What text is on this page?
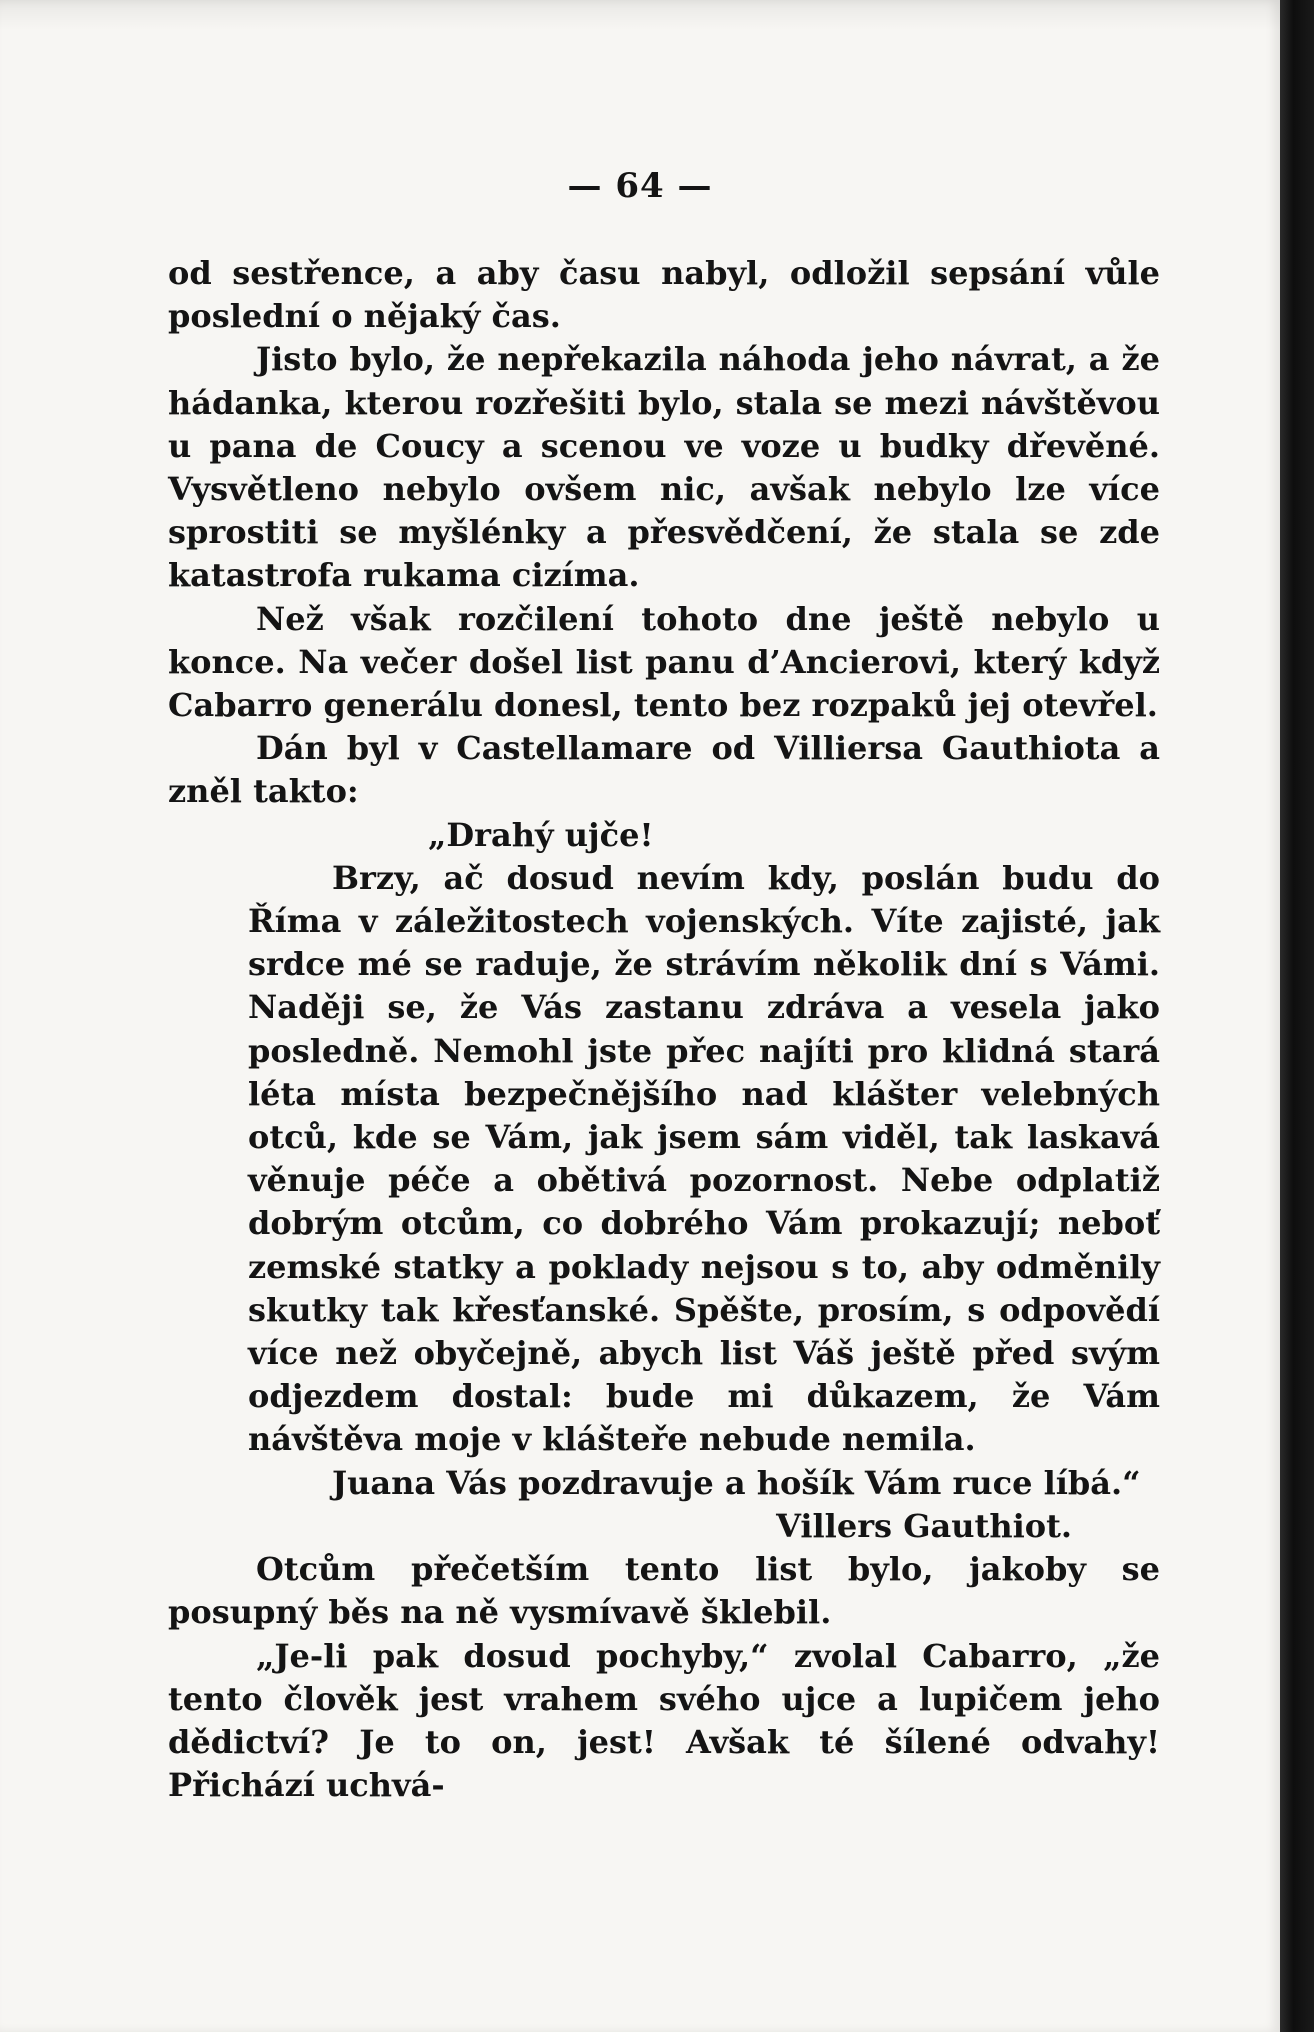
— 64 —

od sestřence, a aby času nabyl, odložil sepsání vůle poslední o nějaký čas.

Jisto bylo, že nepřekazila náhoda jeho návrat, a že hádanka, kterou rozřešiti bylo, stala se mezi návštěvou u pana de Coucy a scenou ve voze u budky dřevěné. Vysvětleno nebylo ovšem nic, avšak nebylo lze více sprostiti se myšlénky a přesvědčení, že stala se zde katastrofa rukama cizíma.

Než však rozčilení tohoto dne ještě nebylo u konce. Na večer došel list panu d’Ancierovi, který když Cabarro generálu donesl, tento bez rozpaků jej otevřel.

Dán byl v Castellamare od Villiersa Gauthiota a zněl takto:

„Drahý ujče!

Brzy, ač dosud nevím kdy, poslán budu do Říma v záležitostech vojenských. Víte zajisté, jak srdce mé se raduje, že strávím několik dní s Vámi. Naději se, že Vás zastanu zdráva a vesela jako posledně. Nemohl jste přec najíti pro klidná stará léta místa bezpečnějšího nad klášter velebných otců, kde se Vám, jak jsem sám viděl, tak laskavá věnuje péče a obětivá pozornost. Nebe odplatiž dobrým otcům, co dobrého Vám prokazují; neboť zemské statky a poklady nejsou s to, aby odměnily skutky tak křesťanské. Spěšte, prosím, s odpovědí více než obyčejně, abych list Váš ještě před svým odjezdem dostal: bude mi důkazem, že Vám návštěva moje v klášteře nebude nemila.

Juana Vás pozdravuje a hošík Vám ruce líbá.“

Villers Gauthiot.

Otcům přečetším tento list bylo, jakoby se posupný běs na ně vysmívavě šklebil.

„Je-li pak dosud pochyby,“ zvolal Cabarro, „že tento člověk jest vrahem svého ujce a lupičem jeho dědictví? Je to on, jest! Avšak té šílené odvahy! Přichází uchvá-
